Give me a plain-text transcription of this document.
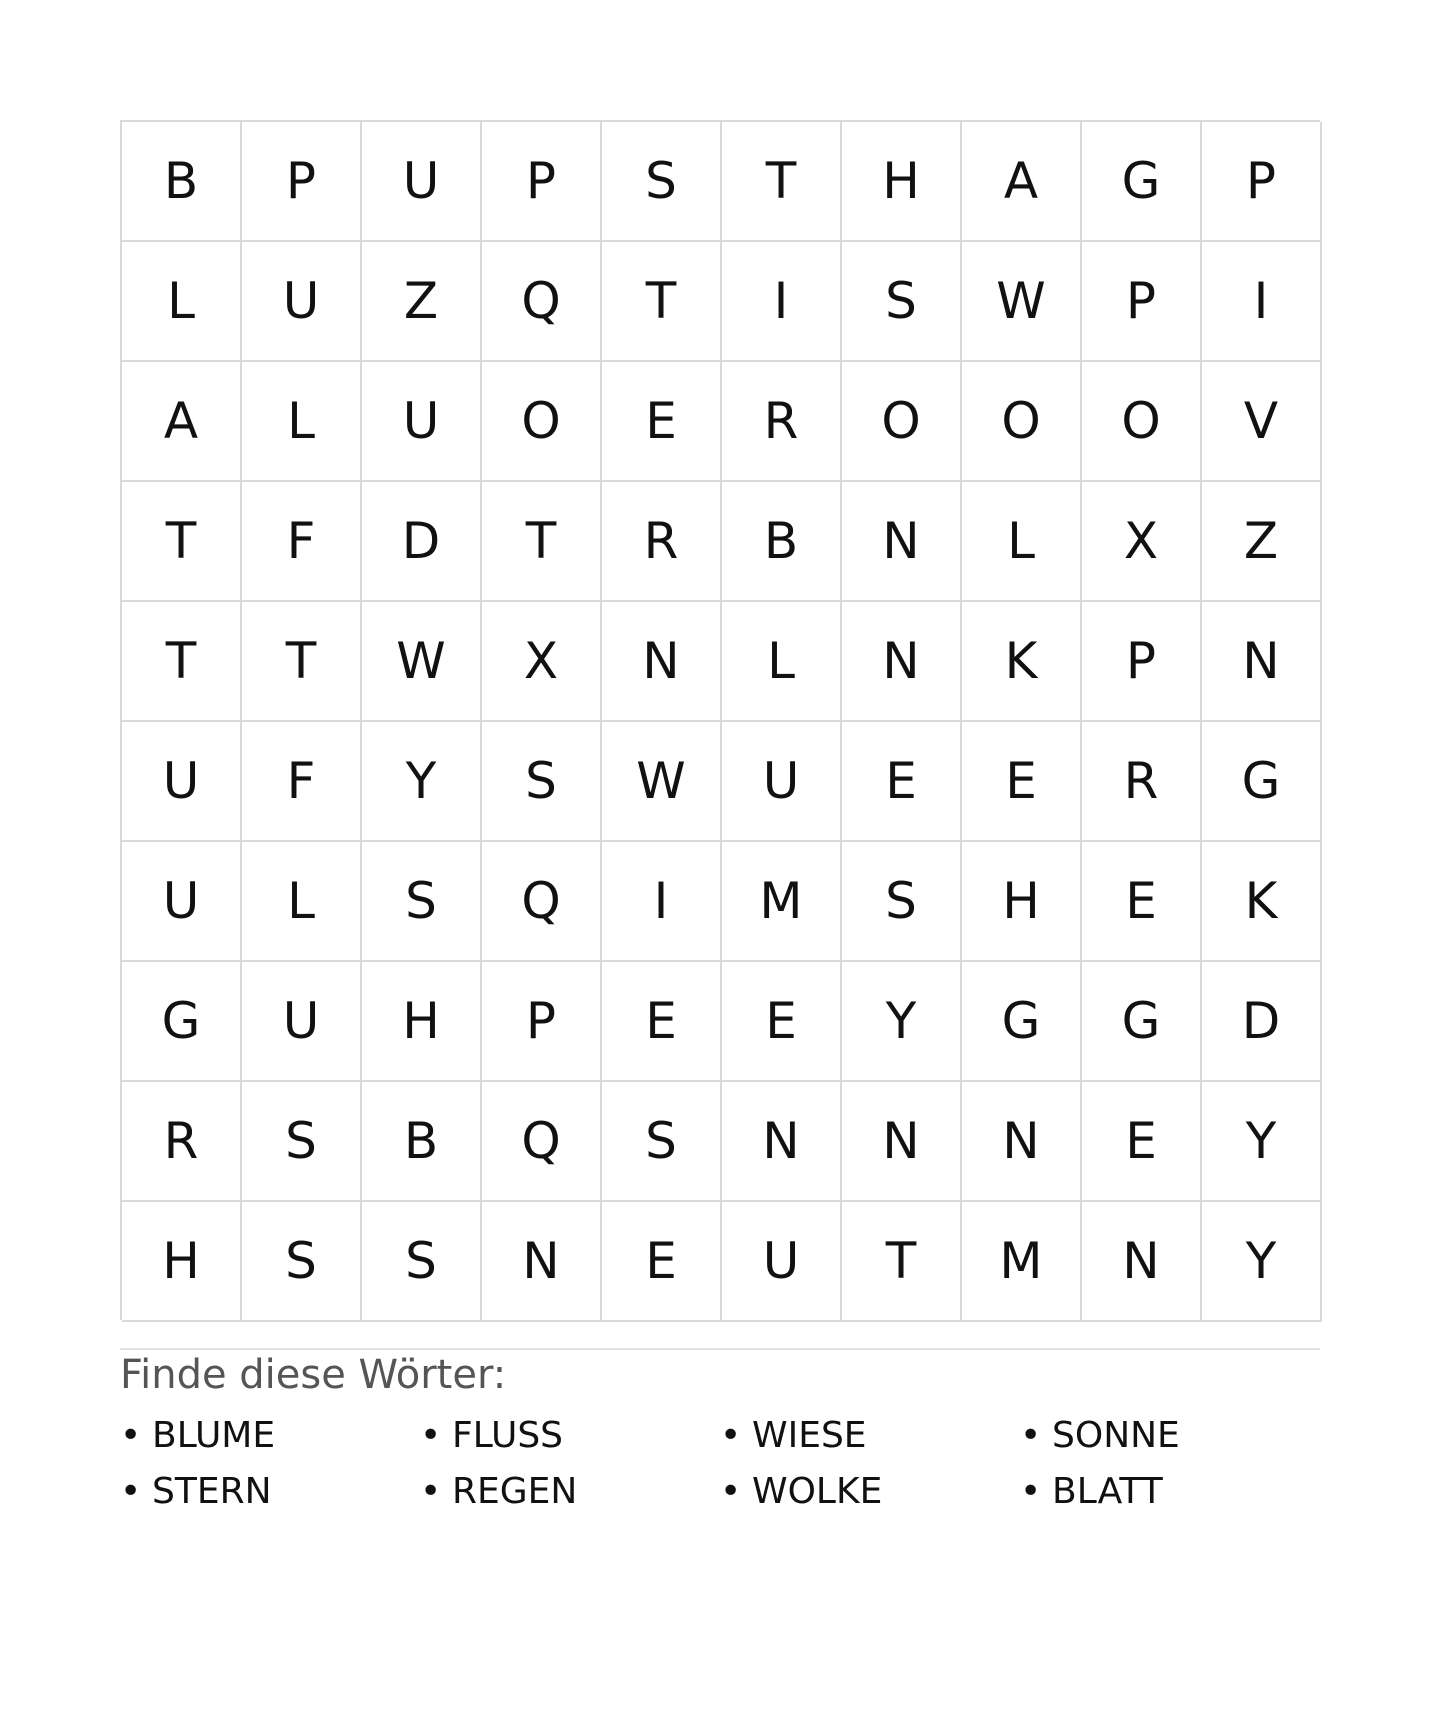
B	P	U	P	S	T	H	A	G	P
L	U	Z	Q	T	I	S	W	P	I
A	L	U	O	E	R	O	O	O	V
T	F	D	T	R	B	N	L	X	Z
T	T	W	X	N	L	N	K	P	N
U	F	Y	S	W	U	E	E	R	G
U	L	S	Q	I	M	S	H	E	K
G	U	H	P	E	E	Y	G	G	D
R	S	B	Q	S	N	N	N	E	Y
H	S	S	N	E	U	T	M	N	Y
Finde diese Wörter:
• BLUME	• FLUSS	• WIESE	• SONNE
• STERN	• REGEN	• WOLKE	• BLATT
